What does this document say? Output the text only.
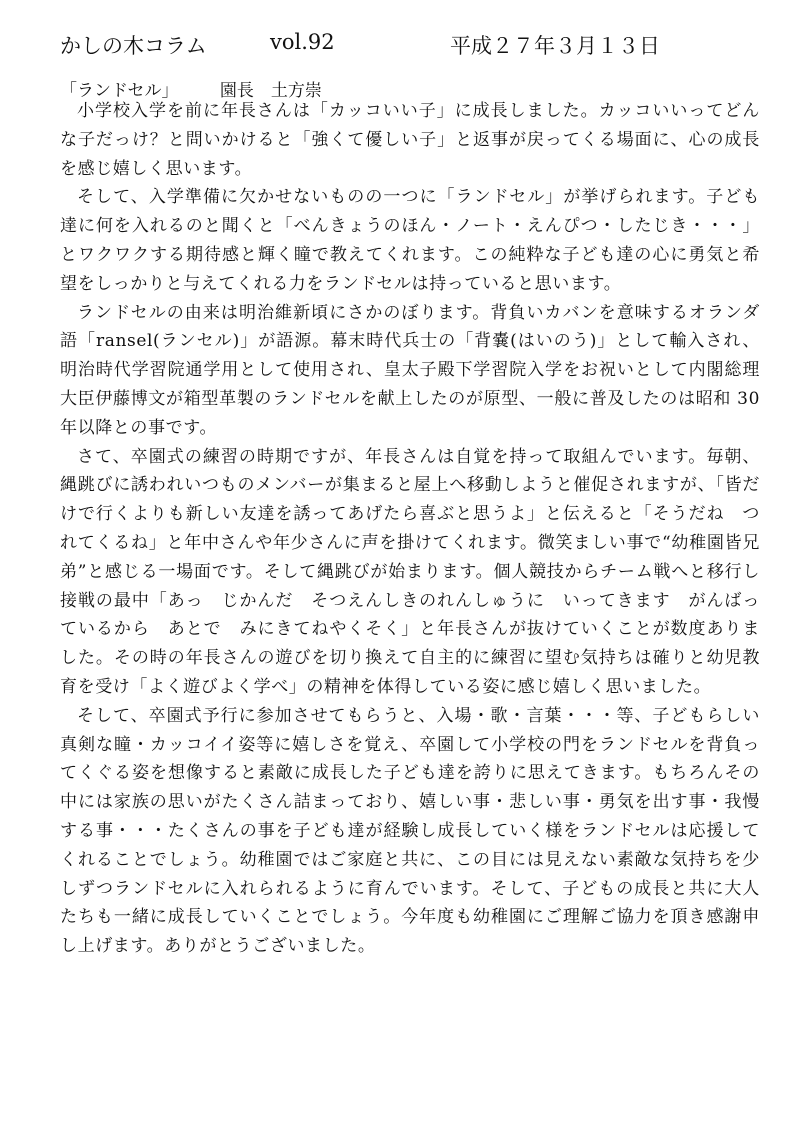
かしの木コラム	vol.92	平成２７年３月１３日
「ランドセル」 園長　土方崇

小学校入学を前に年長さんは「カッコいい子」に成長しました。カッコいいってどんな子だっけ？と問いかけると「強くて優しい子」と返事が戻ってくる場面に、心の成長を感じ嬉しく思います。

そして、入学準備に欠かせないものの一つに「ランドセル」が挙げられます。子ども達に何を入れるのと聞くと「べんきょうのほん・ノート・えんぴつ・したじき・・・」とワクワクする期待感と輝く瞳で教えてくれます。この純粋な子ども達の心に勇気と希望をしっかりと与えてくれる力をランドセルは持っていると思います。

ランドセルの由来は明治維新頃にさかのぼります。背負いカバンを意味するオランダ語「ransel(ランセル)」が語源。幕末時代兵士の「背嚢(はいのう)」として輸入され、明治時代学習院通学用として使用され、皇太子殿下学習院入学をお祝いとして内閣総理大臣伊藤博文が箱型革製のランドセルを献上したのが原型、一般に普及したのは昭和 30 年以降との事です。

さて、卒園式の練習の時期ですが、年長さんは自覚を持って取組んでいます。毎朝、縄跳びに誘われいつものメンバーが集まると屋上へ移動しようと催促されますが、「皆だけで行くよりも新しい友達を誘ってあげたら喜ぶと思うよ」と伝えると「そうだね　つれてくるね」と年中さんや年少さんに声を掛けてくれます。微笑ましい事で“幼稚園皆兄弟”と感じる一場面です。そして縄跳びが始まります。個人競技からチーム戦へと移行し接戦の最中「あっ　じかんだ　そつえんしきのれんしゅうに　いってきます　がんばっているから　あとで　みにきてねやくそく」と年長さんが抜けていくことが数度ありました。その時の年長さんの遊びを切り換えて自主的に練習に望む気持ちは確りと幼児教育を受け「よく遊びよく学べ」の精神を体得している姿に感じ嬉しく思いました。

そして、卒園式予行に参加させてもらうと、入場・歌・言葉・・・等、子どもらしい真剣な瞳・カッコイイ姿等に嬉しさを覚え、卒園して小学校の門をランドセルを背負ってくぐる姿を想像すると素敵に成長した子ども達を誇りに思えてきます。もちろんその中には家族の思いがたくさん詰まっており、嬉しい事・悲しい事・勇気を出す事・我慢する事・・・たくさんの事を子ども達が経験し成長していく様をランドセルは応援してくれることでしょう。幼稚園ではご家庭と共に、この目には見えない素敵な気持ちを少しずつランドセルに入れられるように育んでいます。そして、子どもの成長と共に大人たちも一緒に成長していくことでしょう。今年度も幼稚園にご理解ご協力を頂き感謝申し上げます。ありがとうございました。
